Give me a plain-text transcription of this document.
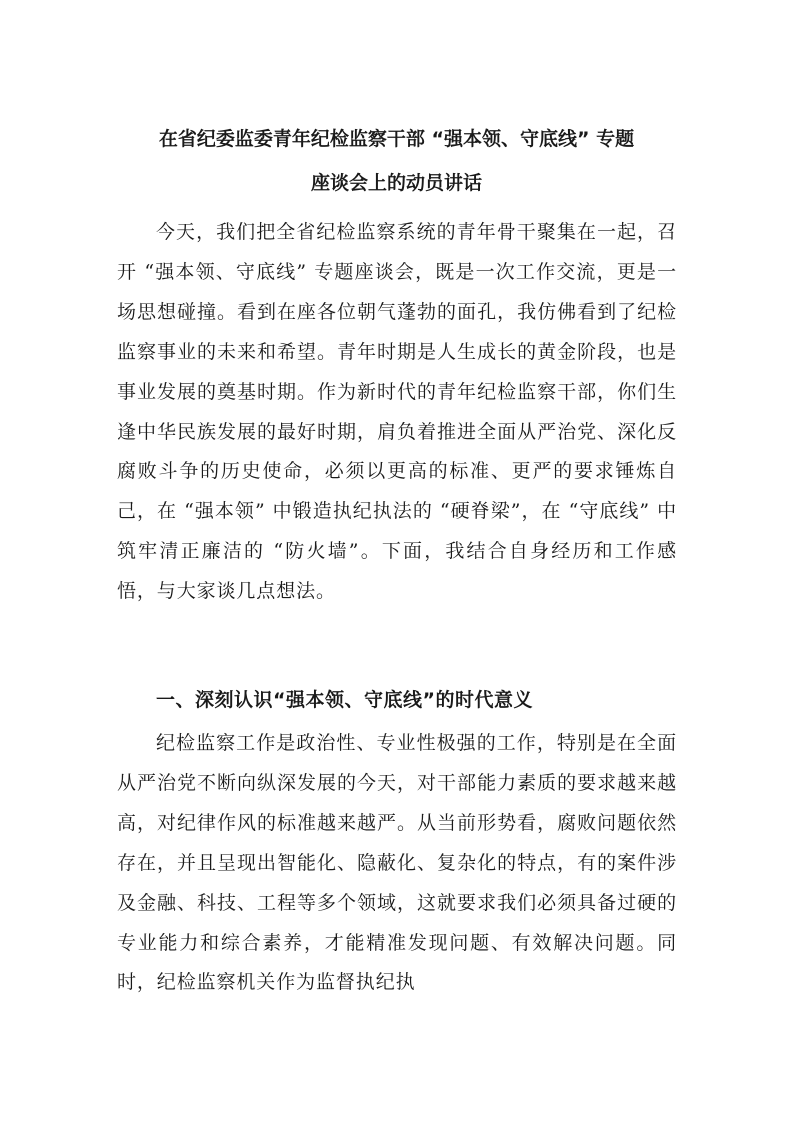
在省纪委监委青年纪检监察干部 “强本领、守底线” 专题
座谈会上的动员讲话

今天，我们把全省纪检监察系统的青年骨干聚集在一起，召开 “强本领、守底线” 专题座谈会，既是一次工作交流，更是一场思想碰撞。看到在座各位朝气蓬勃的面孔，我仿佛看到了纪检监察事业的未来和希望。青年时期是人生成长的黄金阶段，也是事业发展的奠基时期。作为新时代的青年纪检监察干部，你们生逢中华民族发展的最好时期，肩负着推进全面从严治党、深化反腐败斗争的历史使命，必须以更高的标准、更严的要求锤炼自己，在 “强本领” 中锻造执纪执法的 “硬脊梁”，在 “守底线” 中筑牢清正廉洁的 “防火墙”。下面，我结合自身经历和工作感悟，与大家谈几点想法。

一、深刻认识“强本领、守底线”的时代意义

纪检监察工作是政治性、专业性极强的工作，特别是在全面从严治党不断向纵深发展的今天，对干部能力素质的要求越来越高，对纪律作风的标准越来越严。从当前形势看，腐败问题依然存在，并且呈现出智能化、隐蔽化、复杂化的特点，有的案件涉及金融、科技、工程等多个领域，这就要求我们必须具备过硬的专业能力和综合素养，才能精准发现问题、有效解决问题。同时，纪检监察机关作为监督执纪执
